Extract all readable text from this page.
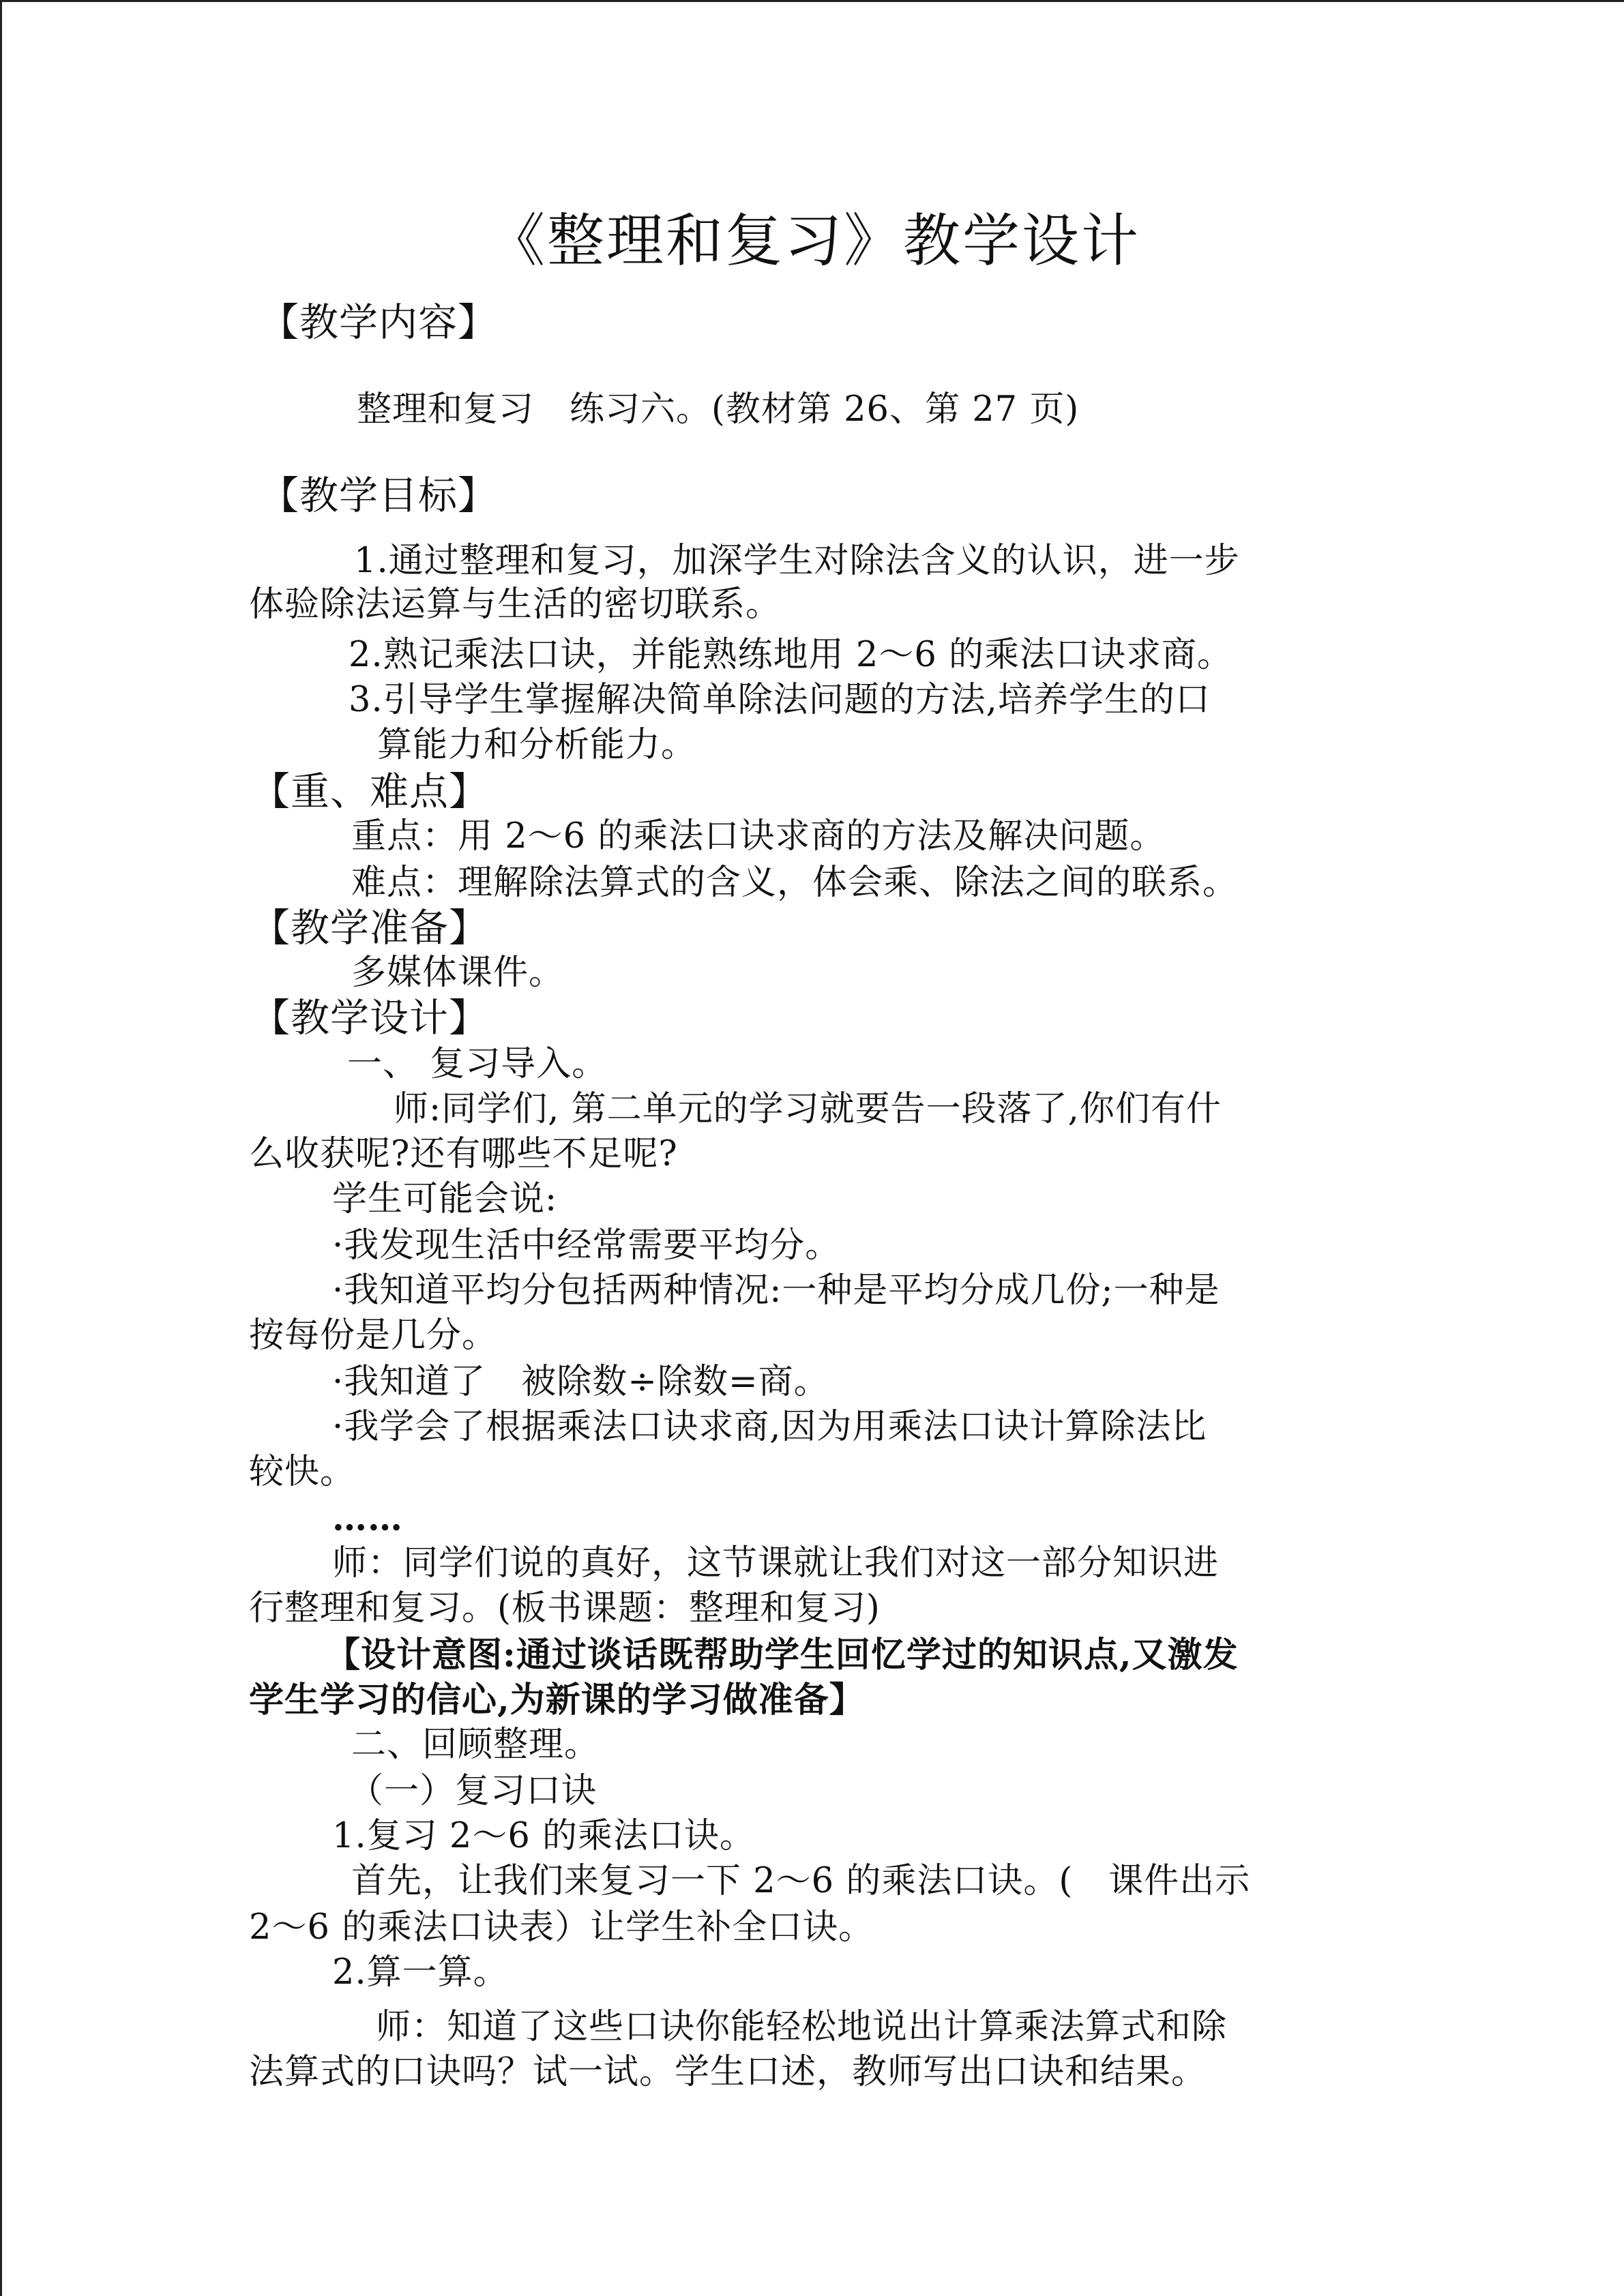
《整理和复习》教学设计
【教学内容】
整理和复习　练习六。(教材第 26、第 27 页)
【教学目标】
1.通过整理和复习，加深学生对除法含义的认识，进一步
体验除法运算与生活的密切联系。
2.熟记乘法口诀，并能熟练地用 2～6 的乘法口诀求商。
3.引导学生掌握解决简单除法问题的方法,培养学生的口
算能力和分析能力。
【重、难点】
重点：用 2～6 的乘法口诀求商的方法及解决问题。
难点：理解除法算式的含义，体会乘、除法之间的联系。
【教学准备】
多媒体课件。
【教学设计】
一、 复习导入。
师:同学们, 第二单元的学习就要告一段落了,你们有什
么收获呢?还有哪些不足呢?
学生可能会说:
·我发现生活中经常需要平均分。
·我知道平均分包括两种情况:一种是平均分成几份;一种是
按每份是几分。
·我知道了　被除数÷除数=商。
·我学会了根据乘法口诀求商,因为用乘法口诀计算除法比
较快。
……
师：同学们说的真好，这节课就让我们对这一部分知识进
行整理和复习。(板书课题：整理和复习)
【设计意图:通过谈话既帮助学生回忆学过的知识点,又激发
学生学习的信心,为新课的学习做准备】
二、回顾整理。
（一）复习口诀
1.复习 2～6 的乘法口诀。
首先，让我们来复习一下 2～6 的乘法口诀。(　课件出示
2～6 的乘法口诀表）让学生补全口诀。
2.算一算。
师：知道了这些口诀你能轻松地说出计算乘法算式和除
法算式的口诀吗？试一试。学生口述，教师写出口诀和结果。
